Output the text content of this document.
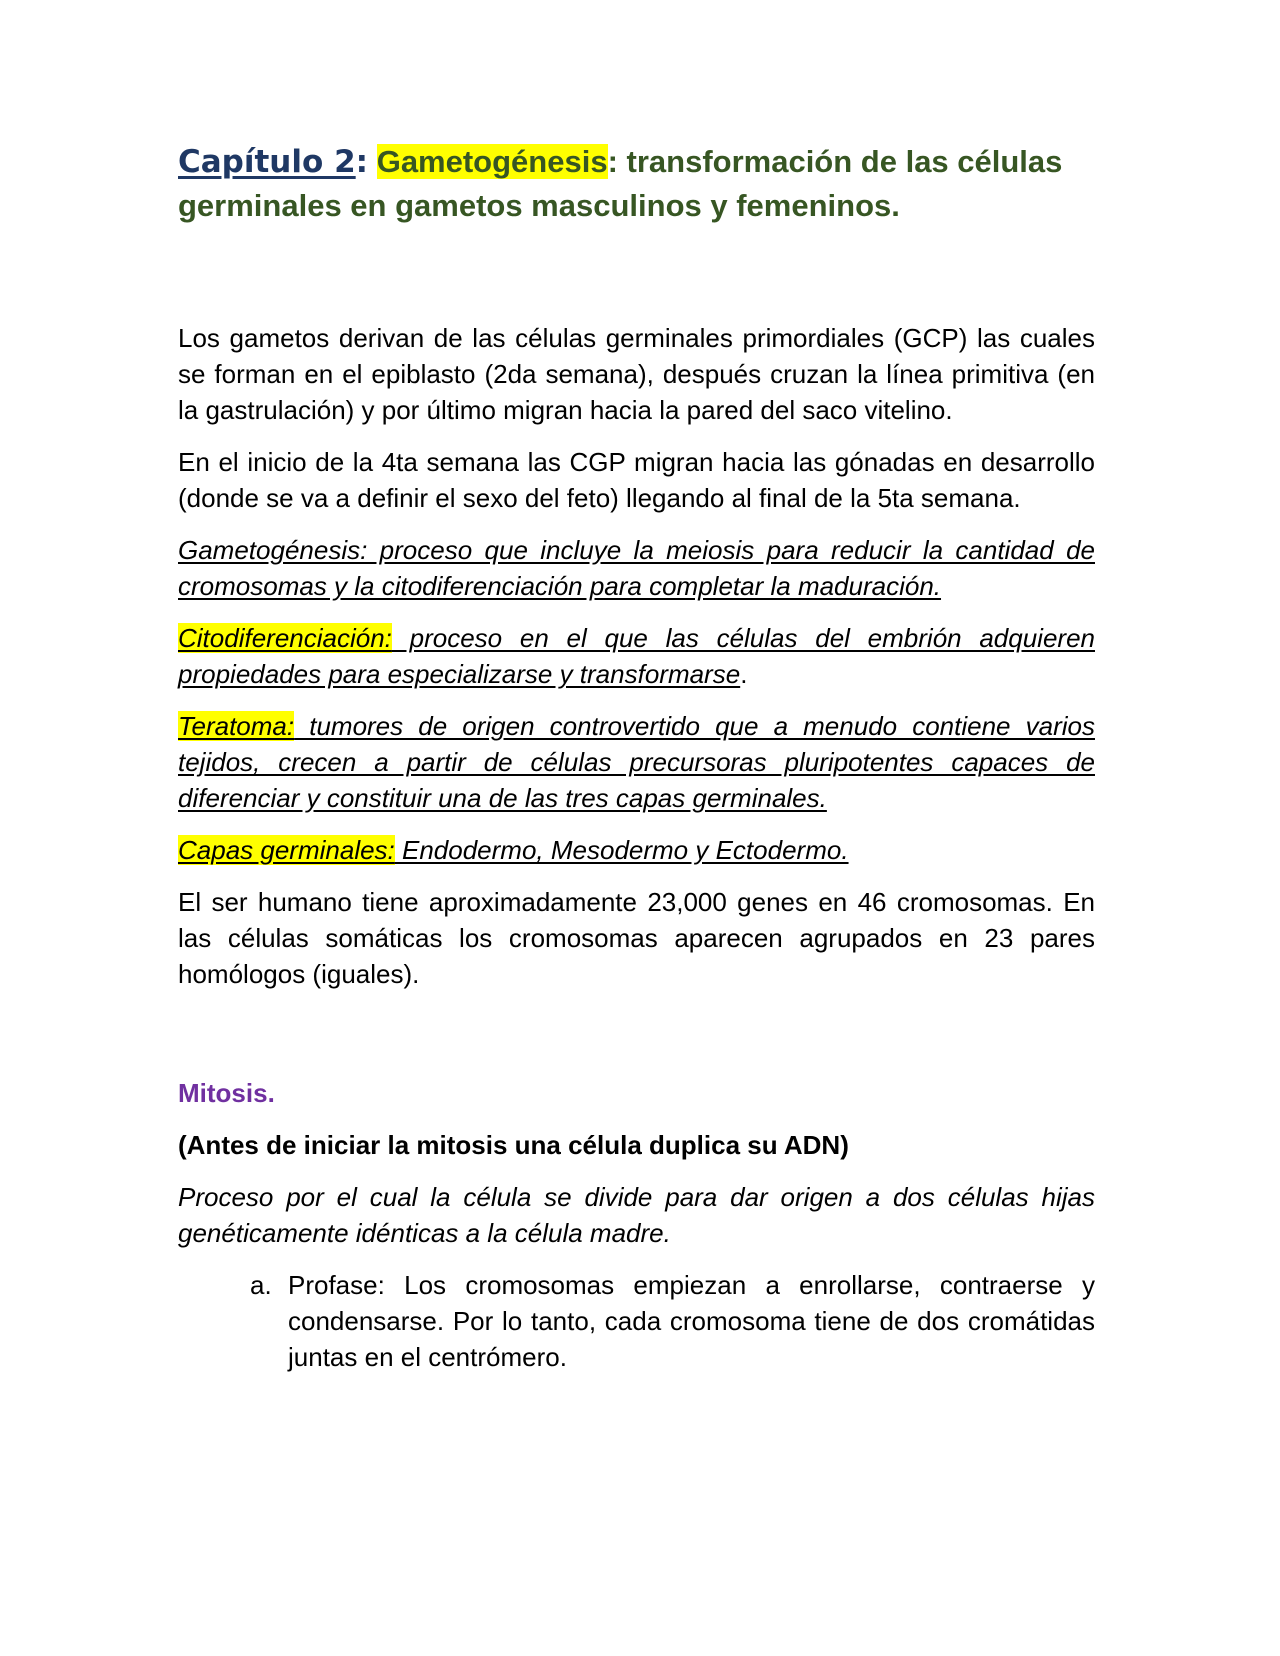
Capítulo 2: Gametogénesis: transformación de las células germinales en gametos masculinos y femeninos.

Los gametos derivan de las células germinales primordiales (GCP) las cuales se forman en el epiblasto (2da semana), después cruzan la línea primitiva (en la gastrulación) y por último migran hacia la pared del saco vitelino.

En el inicio de la 4ta semana las CGP migran hacia las gónadas en desarrollo (donde se va a definir el sexo del feto) llegando al final de la 5ta semana.

Gametogénesis: proceso que incluye la meiosis para reducir la cantidad de cromosomas y la citodiferenciación para completar la maduración.

Citodiferenciación: proceso en el que las células del embrión adquieren propiedades para especializarse y transformarse.

Teratoma: tumores de origen controvertido que a menudo contiene varios tejidos, crecen a partir de células precursoras pluripotentes capaces de diferenciar y constituir una de las tres capas germinales.

Capas germinales: Endodermo, Mesodermo y Ectodermo.

El ser humano tiene aproximadamente 23,000 genes en 46 cromosomas. En las células somáticas los cromosomas aparecen agrupados en 23 pares homólogos (iguales).

Mitosis.

(Antes de iniciar la mitosis una célula duplica su ADN)

Proceso por el cual la célula se divide para dar origen a dos células hijas genéticamente idénticas a la célula madre.

a. Profase: Los cromosomas empiezan a enrollarse, contraerse y condensarse. Por lo tanto, cada cromosoma tiene de dos cromátidas juntas en el centrómero.
